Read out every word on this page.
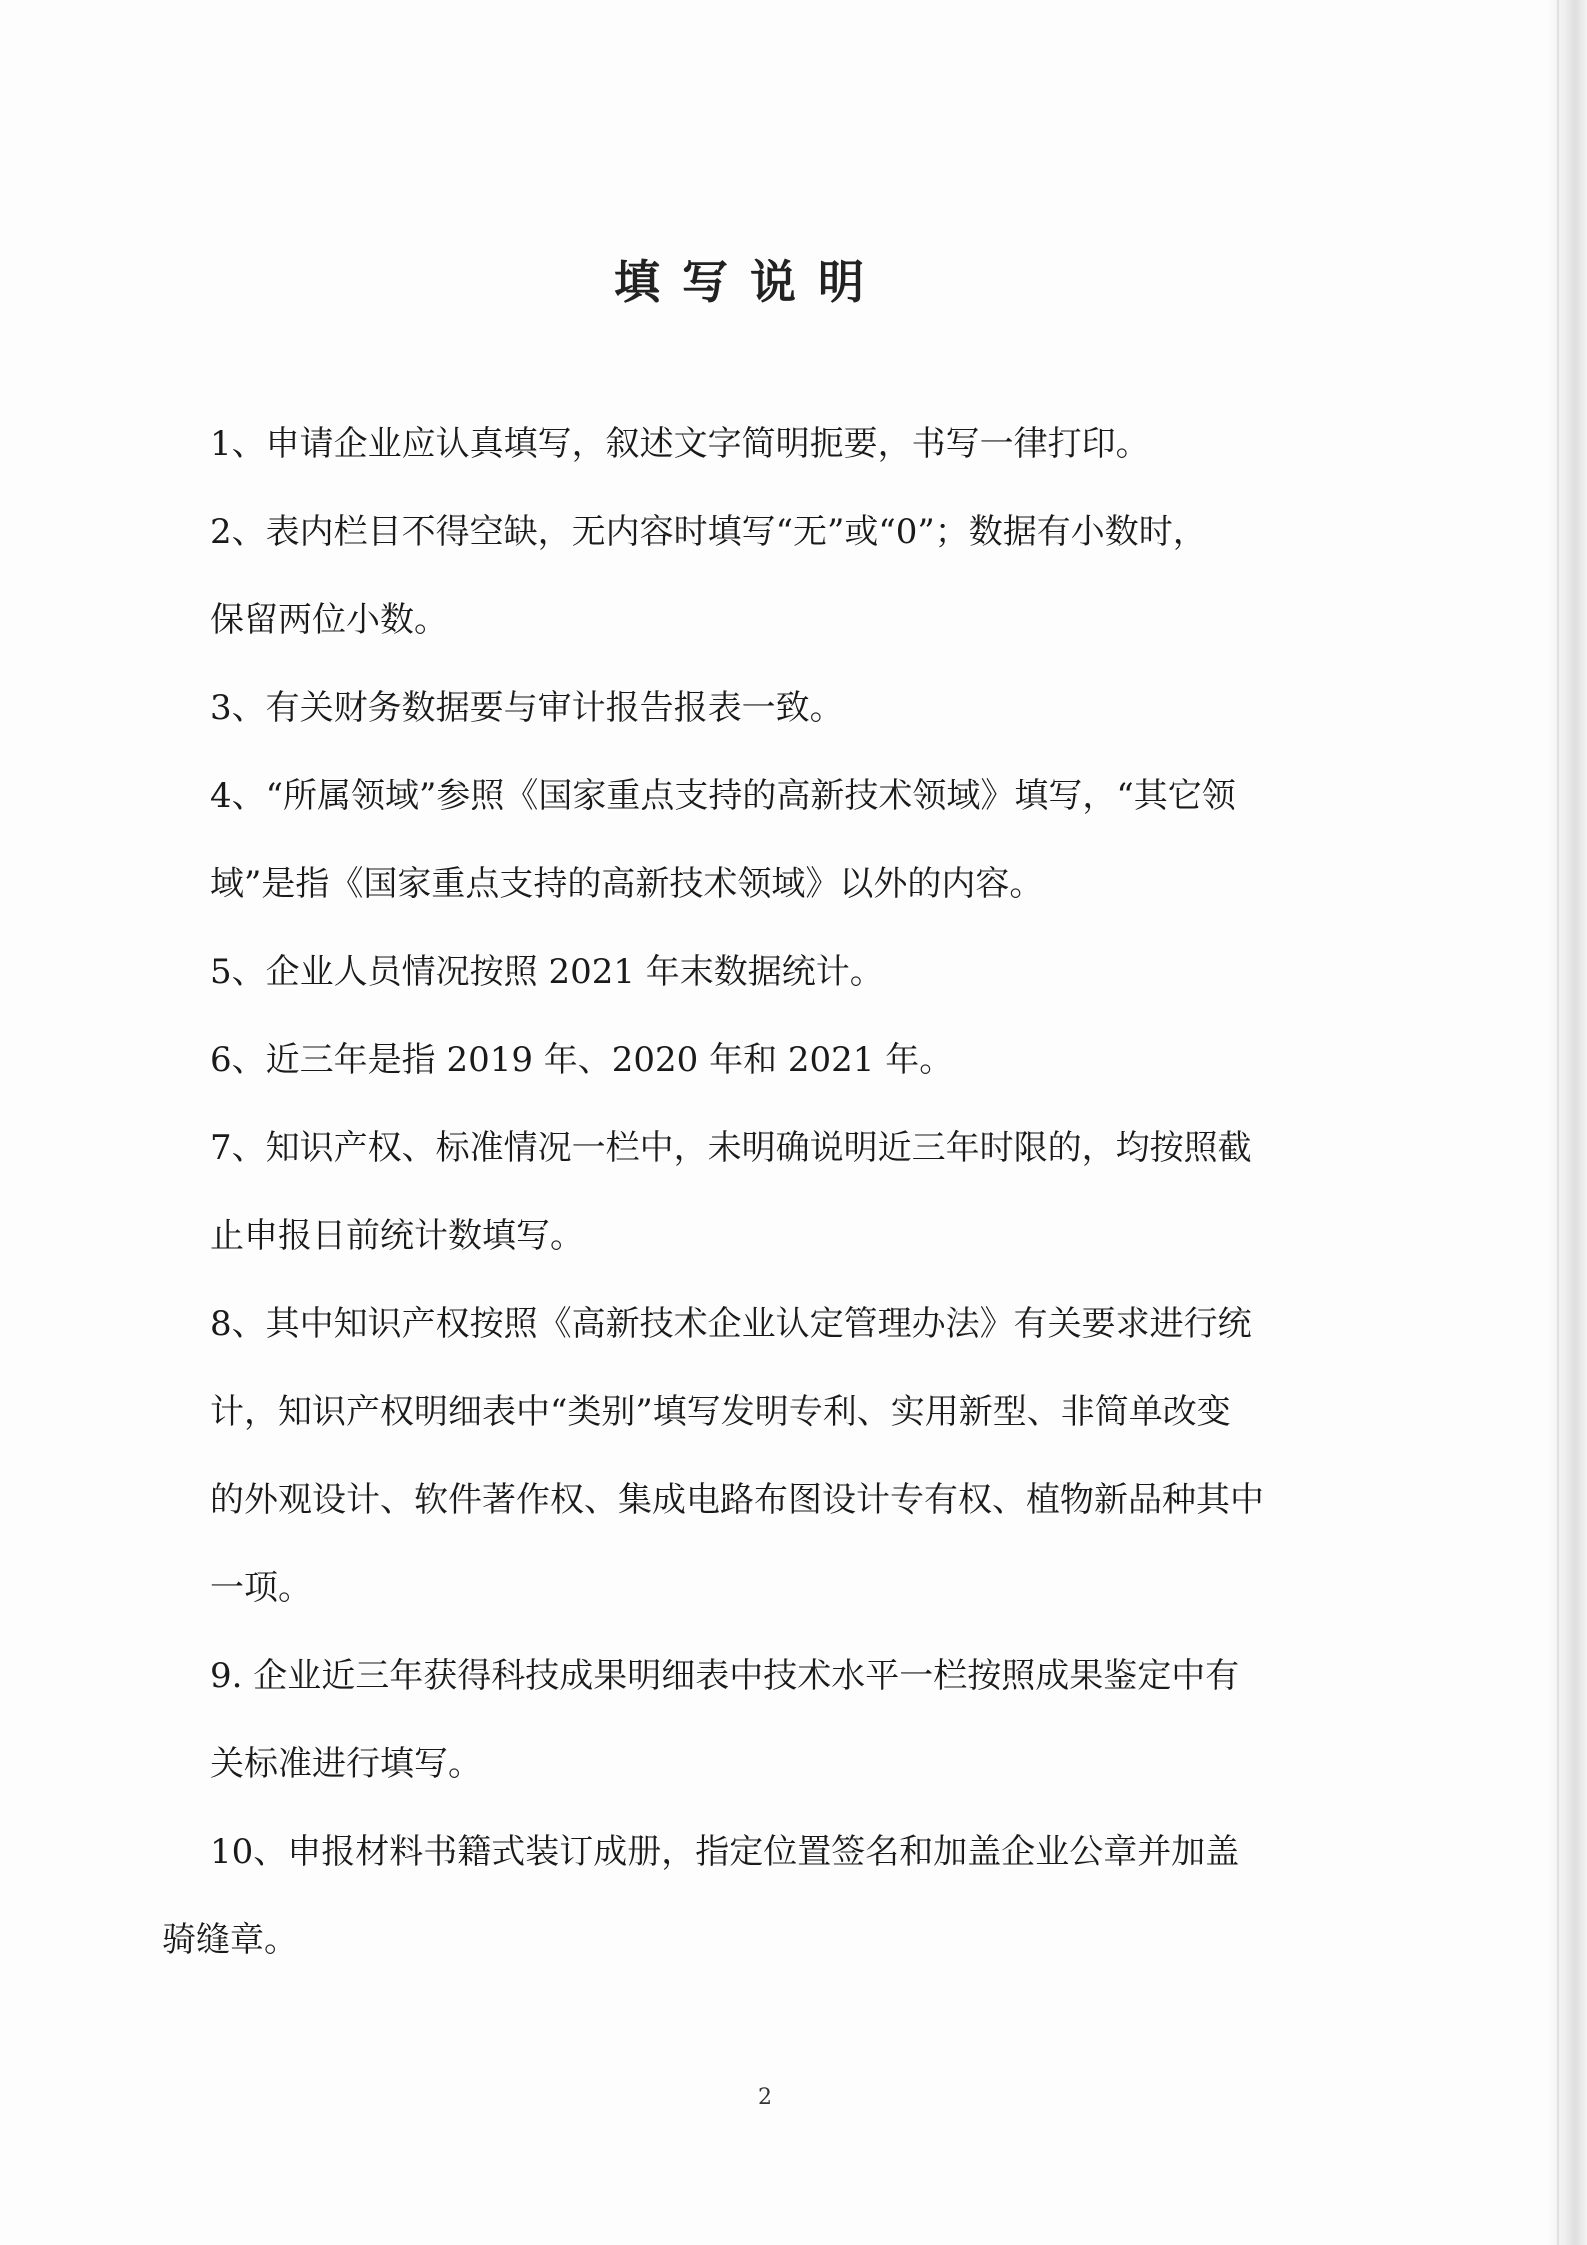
填写说明
1、申请企业应认真填写，叙述文字简明扼要，书写一律打印。
2、表内栏目不得空缺，无内容时填写“无”或“0”；数据有小数时，
保留两位小数。
3、有关财务数据要与审计报告报表一致。
4、“所属领域”参照《国家重点支持的高新技术领域》填写，“其它领
域”是指《国家重点支持的高新技术领域》以外的内容。
5、企业人员情况按照 2021 年末数据统计。
6、近三年是指 2019 年、2020 年和 2021 年。
7、知识产权、标准情况一栏中，未明确说明近三年时限的，均按照截
止申报日前统计数填写。
8、其中知识产权按照《高新技术企业认定管理办法》有关要求进行统
计，知识产权明细表中“类别”填写发明专利、实用新型、非简单改变
的外观设计、软件著作权、集成电路布图设计专有权、植物新品种其中
一项。
9. 企业近三年获得科技成果明细表中技术水平一栏按照成果鉴定中有
关标准进行填写。
10、申报材料书籍式装订成册，指定位置签名和加盖企业公章并加盖
骑缝章。
2
